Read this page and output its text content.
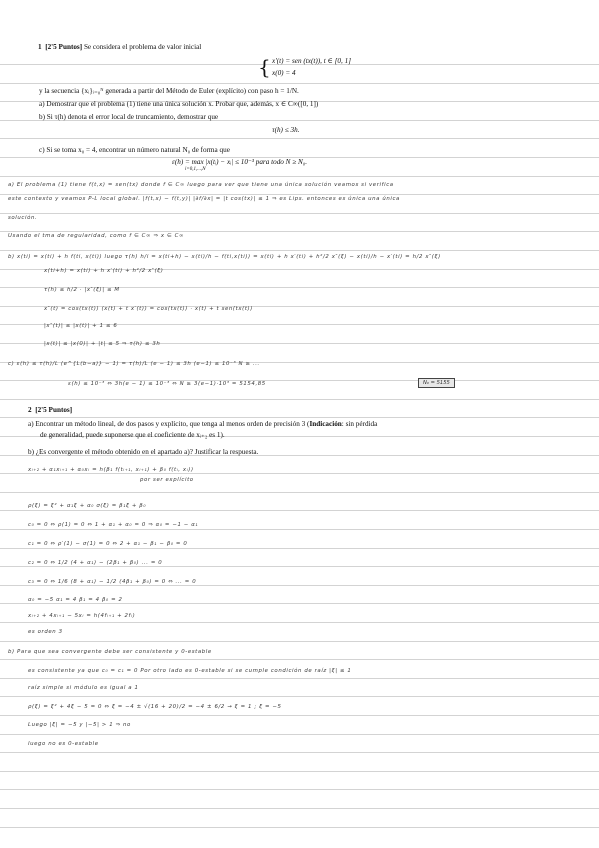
1 [2'5 Puntos] Se considera el problema de valor inicial
{ x′(t) = sen (tx(t)), t ∈ [0, 1]
x(0) = 4
y la secuencia {xᵢ}ᵢ₌₀ᴺ generada a partir del Método de Euler (explícito) con paso h = 1/N.
a) Demostrar que el problema (1) tiene una única solución x. Probar que, además, x ∈ C∞([0, 1])
b) Si τ(h) denota el error local de truncamiento, demostrar que
τ(h) ≤ 3h.
c) Si se toma x₀ = 4, encontrar un número natural N₀ de forma que
ε(h) = max |x(tᵢ) − xᵢ| ≤ 10⁻³ para todo N ≥ N₀.
i=0,1,...,N
a) El problema (1) tiene f(t,x) = sen(tx) donde f ∈ C∞ luego para ver que tiene una única solución veamos si verifica
este contexto y veamos P-L local global. |f(t,x) − f(t,y)| |∂f/∂x| = |t cos(tx)| ≤ 1 ⇒ es Lips. entonces es única una única
solución.
Usando el tma de regularidad, como f ∈ C∞ ⇒ x ∈ C∞
b) x(ti) = x(ti) + h f(ti, x(ti)) luego τ(h) h/i = x(ti+h) − x(ti)/h − f(ti,x(ti)) = x(ti) + h x′(ti) + h²/2 x″(ξ) − x(ti)/h − x′(ti) = h/2 x″(ξ)
x(ti+h) = x(ti) + h x′(ti) + h²/2 x″(ξ)
τ(h) ≤ h/2 · |x″(ξ)| ≤ M
x″(t) = cos(tx(t)) (x(t) + t x′(t)) = cos(tx(t)) · x(t) + t sen(tx(t))
|x″(t)| ≤ |x(t)| + 1 ≤ 6
|x(t)| ≤ |x(0)| + |t| ≤ 5 ⇒ τ(h) ≤ 3h
c) ε(h) ≤ τ(h)/L (e^{L(b−a)} − 1) = τ(h)/L (e − 1) ≤ 3h (e−1) ≤ 10⁻³ N ≥ ...
ε(h) ≤ 10⁻³ ⇔ 3h(e − 1) ≤ 10⁻³ ⇔ N ≥ 3(e−1)·10³ = 5154,85	N₀ = 5155
2 [2'5 Puntos]
a) Encontrar un método lineal, de dos pasos y explícito, que tenga al menos orden de precisión 3 (Indicación: sin pérdida
de generalidad, puede suponerse que el coeficiente de xᵢ₊₂ es 1).
b) ¿Es convergente el método obtenido en el apartado a)? Justificar la respuesta.
xᵢ₊₂ + α₁xᵢ₊₁ + α₀xᵢ = h(β₁ f(tᵢ₊₁, xᵢ₊₁) + β₀ f(tᵢ, xᵢ))
por ser explícito
ρ(ξ) = ξ² + α₁ξ + α₀ σ(ξ) = β₁ξ + β₀
c₀ = 0 ⇔ ρ(1) = 0 ⇔ 1 + α₁ + α₀ = 0 ⇒ α₀ = −1 − α₁
c₁ = 0 ⇔ ρ′(1) − σ(1) = 0 ⇔ 2 + α₁ − β₁ − β₀ = 0
c₂ = 0 ⇔ 1/2 (4 + α₁) − (2β₁ + β₀) ... = 0
c₃ = 0 ⇔ 1/6 (8 + α₁) − 1/2 (4β₁ + β₀) = 0 ⇔ ... = 0
α₀ = −5 α₁ = 4 β₁ = 4 β₀ = 2
xᵢ₊₂ + 4xᵢ₊₁ − 5xᵢ = h(4fᵢ₊₁ + 2fᵢ)
es orden 3
b) Para que sea convergente debe ser consistente y 0-estable
es consistente ya que c₀ = c₁ = 0 Por otro lado es 0-estable si se cumple condición de raíz |ξ| ≤ 1
raíz simple si módulo es igual a 1
ρ(ξ) = ξ² + 4ξ − 5 = 0 ⇔ ξ = −4 ± √(16 + 20)/2 = −4 ± 6/2 → ξ = 1 ; ξ = −5
Luego |ξ| = −5 y |−5| > 1 ⇒ no
luego no es 0-estable
